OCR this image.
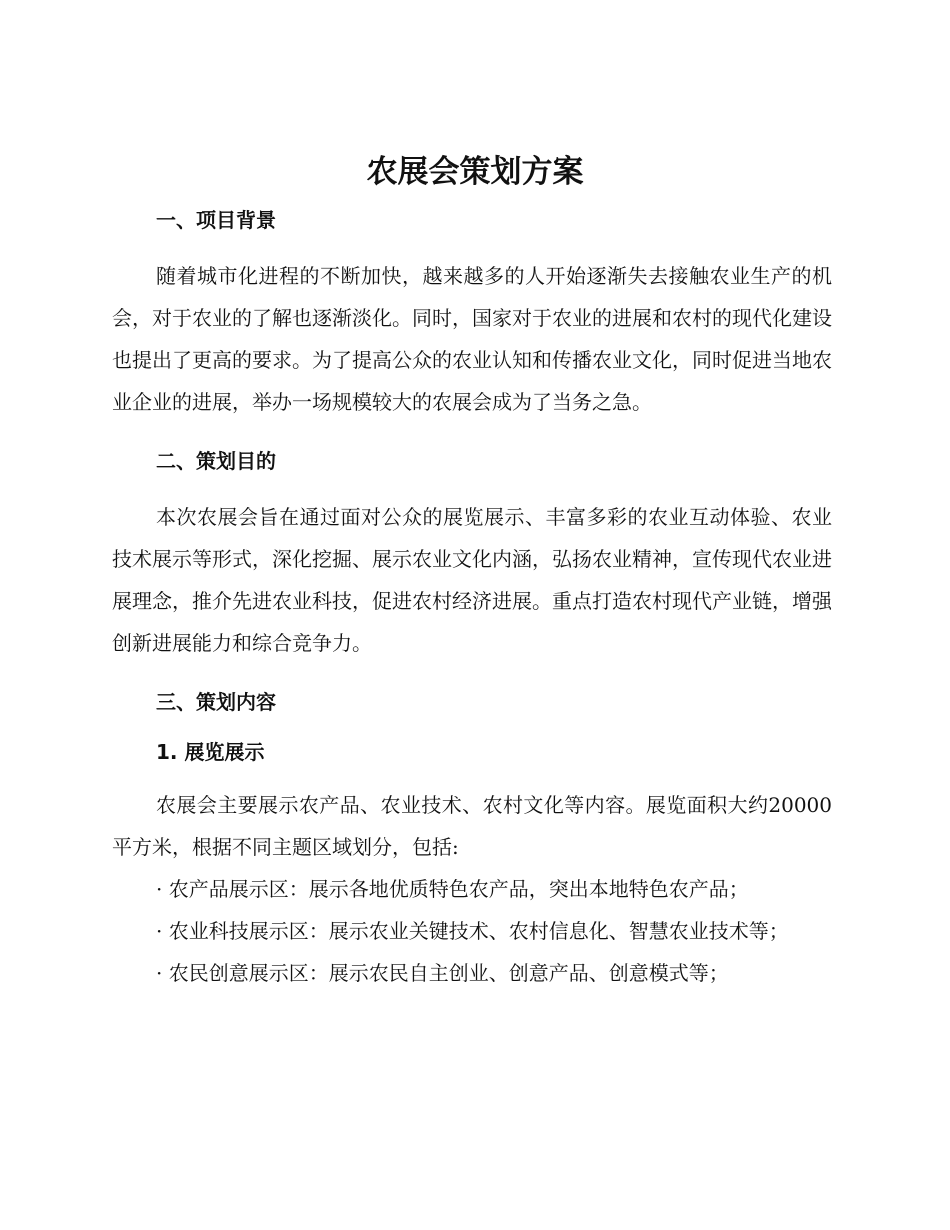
农展会策划方案
一、项目背景

随着城市化进程的不断加快，越来越多的人开始逐渐失去接触农业生产的机会，对于农业的了解也逐渐淡化。同时，国家对于农业的进展和农村的现代化建设也提出了更高的要求。为了提高公众的农业认知和传播农业文化，同时促进当地农业企业的进展，举办一场规模较大的农展会成为了当务之急。

二、策划目的

本次农展会旨在通过面对公众的展览展示、丰富多彩的农业互动体验、农业技术展示等形式，深化挖掘、展示农业文化内涵，弘扬农业精神，宣传现代农业进展理念，推介先进农业科技，促进农村经济进展。重点打造农村现代产业链，增强创新进展能力和综合竞争力。

三、策划内容
1. 展览展示

农展会主要展示农产品、农业技术、农村文化等内容。展览面积大约20000平方米，根据不同主题区域划分，包括:

· 农产品展示区：展示各地优质特色农产品，突出本地特色农产品；

· 农业科技展示区：展示农业关键技术、农村信息化、智慧农业技术等；

· 农民创意展示区：展示农民自主创业、创意产品、创意模式等；
